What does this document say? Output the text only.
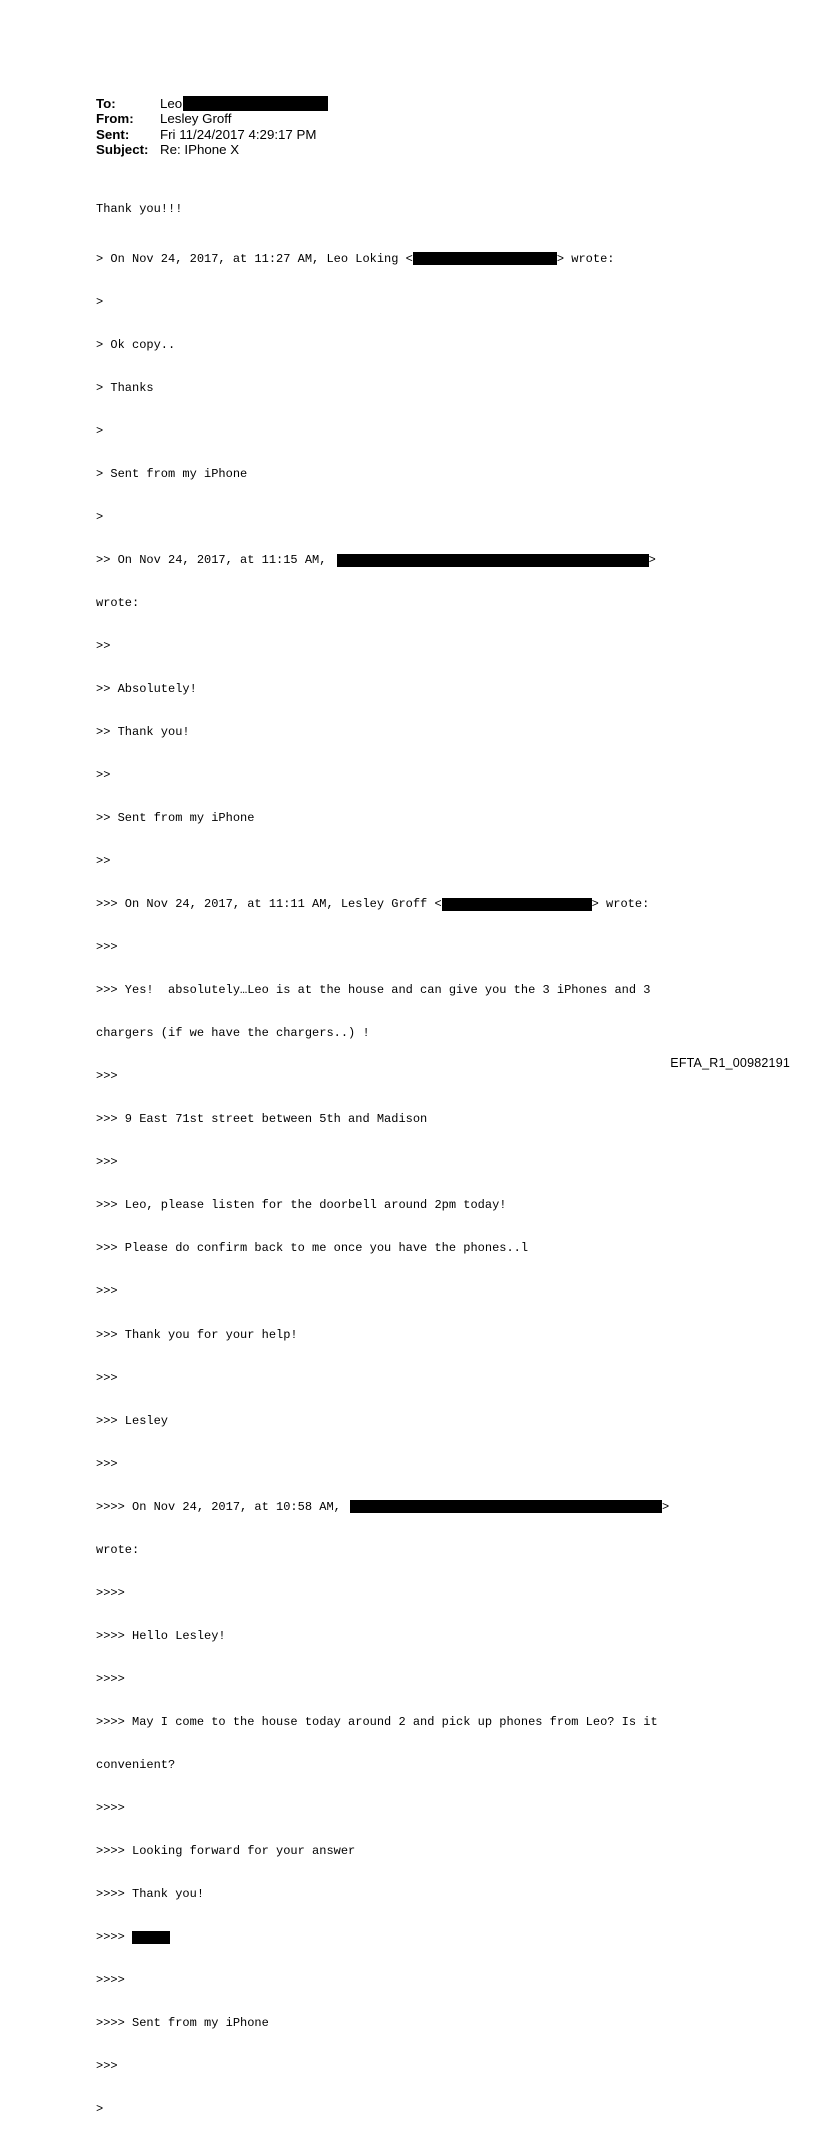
To:	Leo
From:	Lesley Groff
Sent:	Fri 11/24/2017 4:29:17 PM
Subject: Re: IPhone X

Thank you!!!

> On Nov 24, 2017, at 11:27 AM, Leo Loking <	> wrote:

>

> Ok copy..

> Thanks

>

> Sent from my iPhone

>

>> On Nov 24, 2017, at 11:15 AM,	>

wrote:

>>

>> Absolutely!

>> Thank you!

>>

>> Sent from my iPhone

>>

>>> On Nov 24, 2017, at 11:11 AM, Lesley Groff <	> wrote:

>>>

>>> Yes!  absolutely…Leo is at the house and can give you the 3 iPhones and 3

chargers (if we have the chargers..) !

>>>

>>> 9 East 71st street between 5th and Madison

>>>

>>> Leo, please listen for the doorbell around 2pm today!

>>> Please do confirm back to me once you have the phones..l

>>>

>>> Thank you for your help!

>>>

>>> Lesley

>>>

>>>> On Nov 24, 2017, at 10:58 AM,	>

wrote:

>>>>

>>>> Hello Lesley!

>>>>

>>>> May I come to the house today around 2 and pick up phones from Leo? Is it

convenient?

>>>>

>>>> Looking forward for your answer

>>>> Thank you!

>>>>

>>>>

>>>> Sent from my iPhone

>>>

>

EFTA_R1_00982191
